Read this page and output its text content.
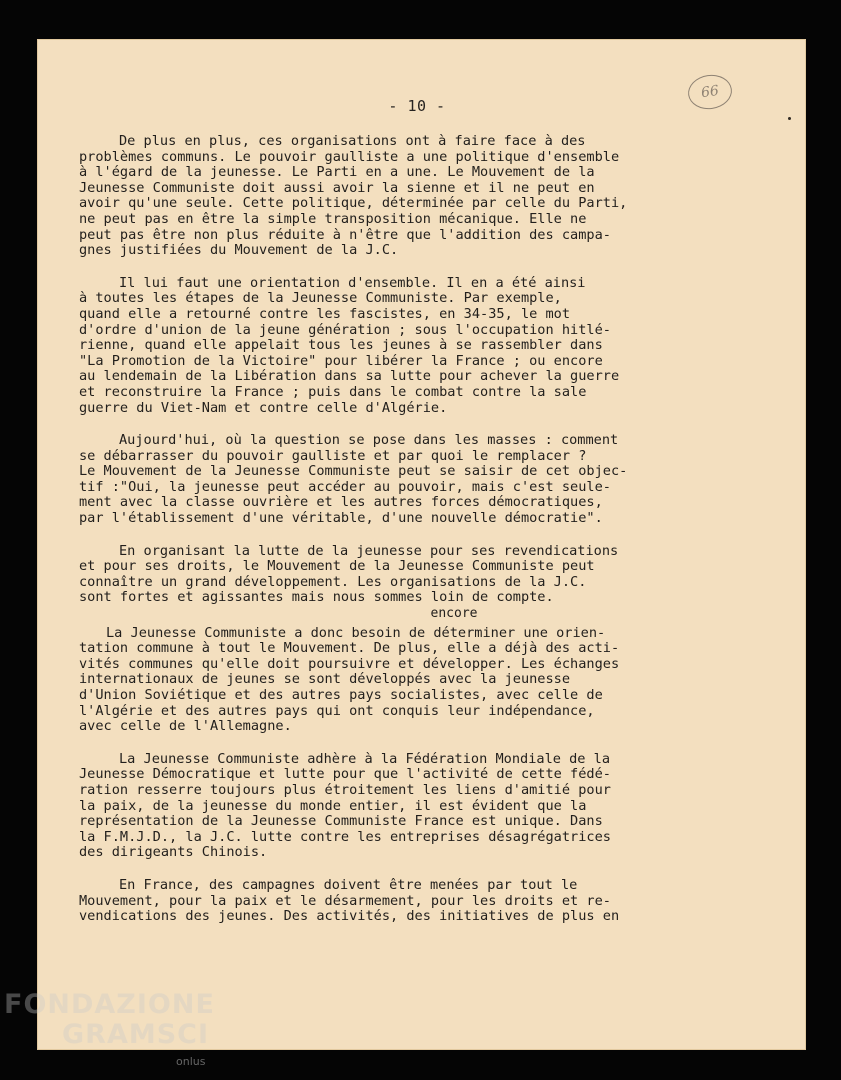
- 10 -
66

De plus en plus, ces organisations ont à faire face à des
problèmes communs. Le pouvoir gaulliste a une politique d'ensemble
à l'égard de la jeunesse. Le Parti en a une. Le Mouvement de la
Jeunesse Communiste doit aussi avoir la sienne et il ne peut en
avoir qu'une seule. Cette politique, déterminée par celle du Parti,
ne peut pas en être la simple transposition mécanique. Elle ne
peut pas être non plus réduite à n'être que l'addition des campa-
gnes justifiées du Mouvement de la J.C.

Il lui faut une orientation d'ensemble. Il en a été ainsi
à toutes les étapes de la Jeunesse Communiste. Par exemple,
quand elle a retourné contre les fascistes, en 34-35, le mot
d'ordre d'union de la jeune génération ; sous l'occupation hitlé-
rienne, quand elle appelait tous les jeunes à se rassembler dans
"La Promotion de la Victoire" pour libérer la France ; ou encore
au lendemain de la Libération dans sa lutte pour achever la guerre
et reconstruire la France ; puis dans le combat contre la sale
guerre du Viet-Nam et contre celle d'Algérie.

Aujourd'hui, où la question se pose dans les masses : comment
se débarrasser du pouvoir gaulliste et par quoi le remplacer ?
Le Mouvement de la Jeunesse Communiste peut se saisir de cet objec-
tif :"Oui, la jeunesse peut accéder au pouvoir, mais c'est seule-
ment avec la classe ouvrière et les autres forces démocratiques,
par l'établissement d'une véritable, d'une nouvelle démocratie".

En organisant la lutte de la jeunesse pour ses revendications
et pour ses droits, le Mouvement de la Jeunesse Communiste peut
connaître un grand développement. Les organisations de la J.C.
sont fortes et agissantes mais nous sommes loin de compte.
encore

La Jeunesse Communiste a donc besoin de déterminer une orien-
tation commune à tout le Mouvement. De plus, elle a déjà des acti-
vités communes qu'elle doit poursuivre et développer. Les échanges
internationaux de jeunes se sont développés avec la jeunesse
d'Union Soviétique et des autres pays socialistes, avec celle de
l'Algérie et des autres pays qui ont conquis leur indépendance,
avec celle de l'Allemagne.

La Jeunesse Communiste adhère à la Fédération Mondiale de la
Jeunesse Démocratique et lutte pour que l'activité de cette fédé-
ration resserre toujours plus étroitement les liens d'amitié pour
la paix, de la jeunesse du monde entier, il est évident que la
représentation de la Jeunesse Communiste France est unique. Dans
la F.M.J.D., la J.C. lutte contre les entreprises désagrégatrices
des dirigeants Chinois.

En France, des campagnes doivent être menées par tout le
Mouvement, pour la paix et le désarmement, pour les droits et re-
vendications des jeunes. Des activités, des initiatives de plus en

FONDAZIONE
GRAMSCI
onlus
